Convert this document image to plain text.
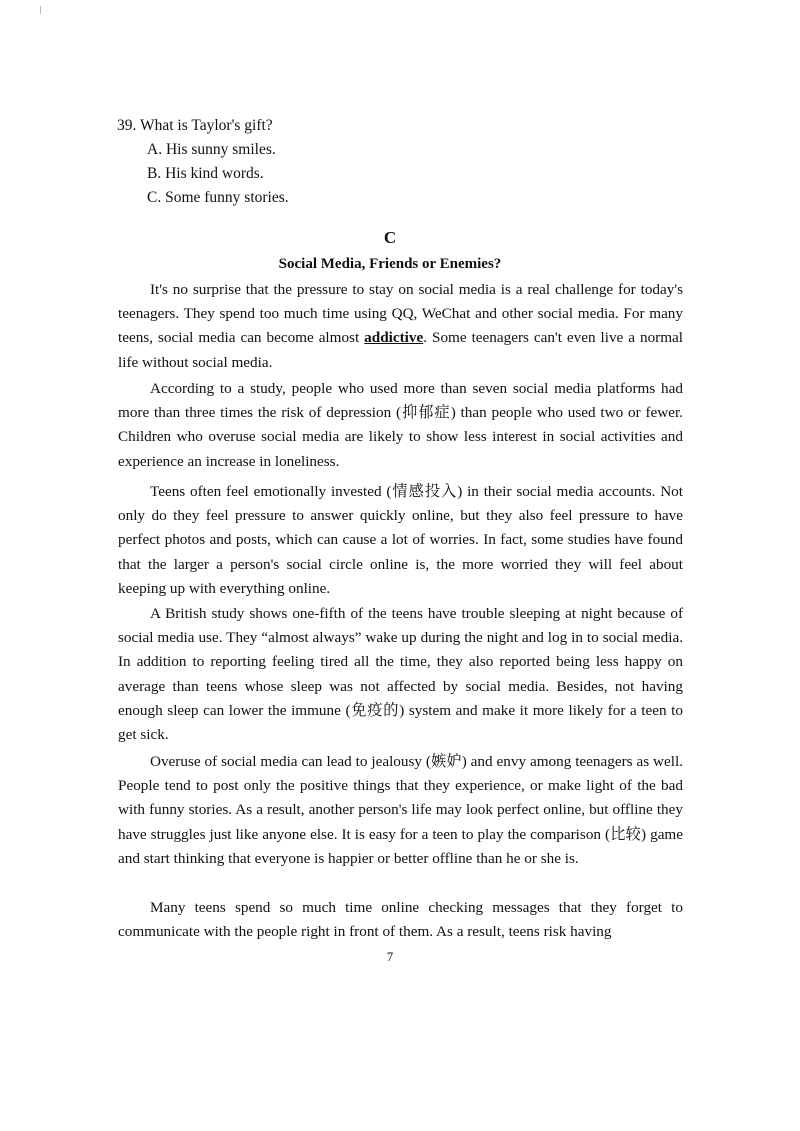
39. What is Taylor's gift?
A. His sunny smiles.
B. His kind words.
C. Some funny stories.
C
Social Media, Friends or Enemies?

It's no surprise that the pressure to stay on social media is a real challenge for today's teenagers. They spend too much time using QQ, WeChat and other social media. For many teens, social media can become almost addictive. Some teenagers can't even live a normal life without social media.

According to a study, people who used more than seven social media platforms had more than three times the risk of depression (抑郁症) than people who used two or fewer. Children who overuse social media are likely to show less interest in social activities and experience an increase in loneliness.

Teens often feel emotionally invested (情感投入) in their social media accounts. Not only do they feel pressure to answer quickly online, but they also feel pressure to have perfect photos and posts, which can cause a lot of worries. In fact, some studies have found that the larger a person's social circle online is, the more worried they will feel about keeping up with everything online.

A British study shows one-fifth of the teens have trouble sleeping at night because of social media use. They “almost always” wake up during the night and log in to social media. In addition to reporting feeling tired all the time, they also reported being less happy on average than teens whose sleep was not affected by social media. Besides, not having enough sleep can lower the immune (免疫的) system and make it more likely for a teen to get sick.

Overuse of social media can lead to jealousy (嫉妒) and envy among teenagers as well. People tend to post only the positive things that they experience, or make light of the bad with funny stories. As a result, another person's life may look perfect online, but offline they have struggles just like anyone else. It is easy for a teen to play the comparison (比较) game and start thinking that everyone is happier or better offline than he or she is.

Many teens spend so much time online checking messages that they forget to communicate with the people right in front of them. As a result, teens risk having

7
